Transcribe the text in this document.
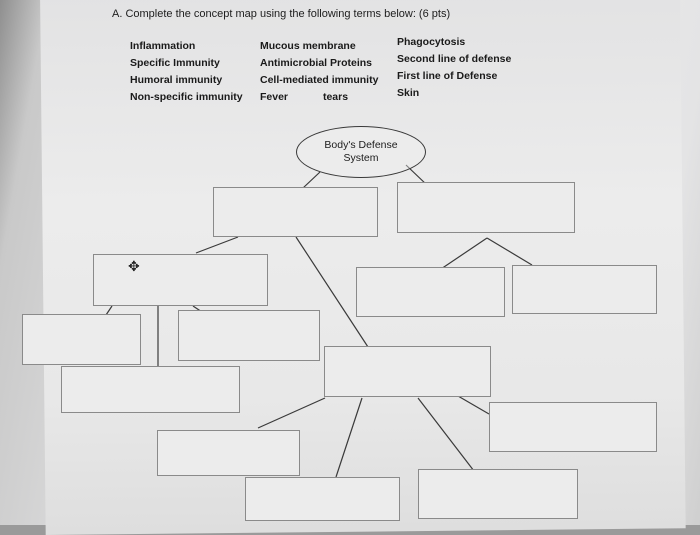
A. Complete the concept map using the following terms below: (6 pts)
Inflammation
Specific Immunity
Humoral immunity
Non-specific immunity
Mucous membrane
Antimicrobial Proteins
Cell-mediated immunity
Fever	tears
Phagocytosis
Second line of defense
First line of Defense
Skin
Body's Defense
System
✥
